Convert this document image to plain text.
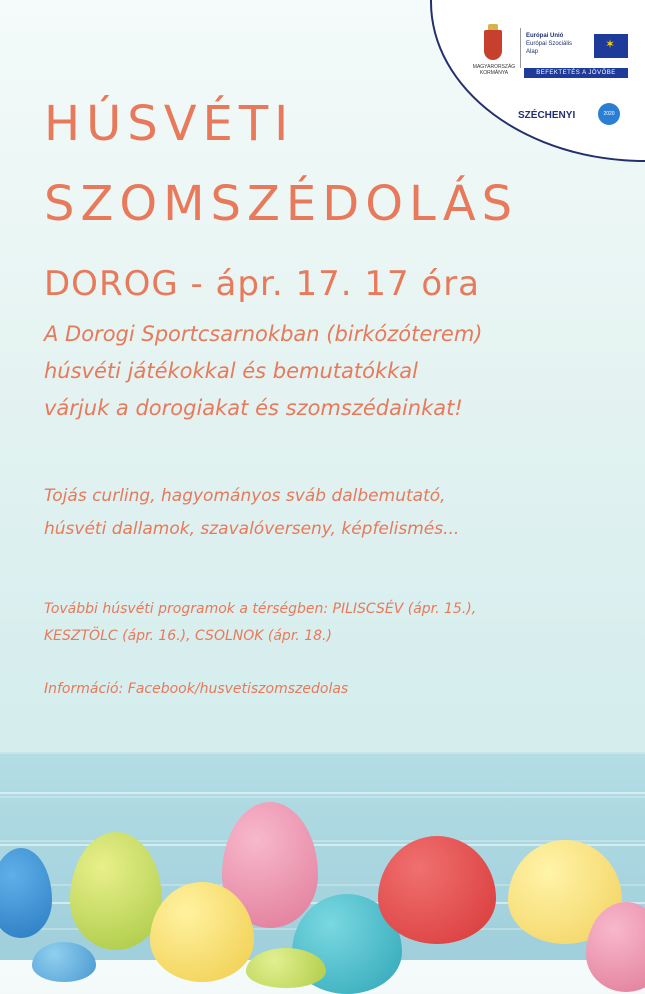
MAGYARORSZÁG KORMÁNYA
Európai Unió
Európai Szociális
Alap
✶
BEFEKTETÉS A JÖVŐBE
SZÉCHENYI	2020
HÚSVÉTI
SZOMSZÉDOLÁS
DOROG - ápr. 17. 17 óra
A Dorogi Sportcsarnokban (birkózóterem)
húsvéti játékokkal és bemutatókkal
várjuk a dorogiakat és szomszédainkat!
Tojás curling, hagyományos sváb dalbemutató,
húsvéti dallamok, szavalóverseny, képfelismés...
További húsvéti programok a térségben: PILISCSÉV (ápr. 15.),
KESZTÖLC (ápr. 16.), CSOLNOK (ápr. 18.)
Információ: Facebook/husvetiszomszedolas
